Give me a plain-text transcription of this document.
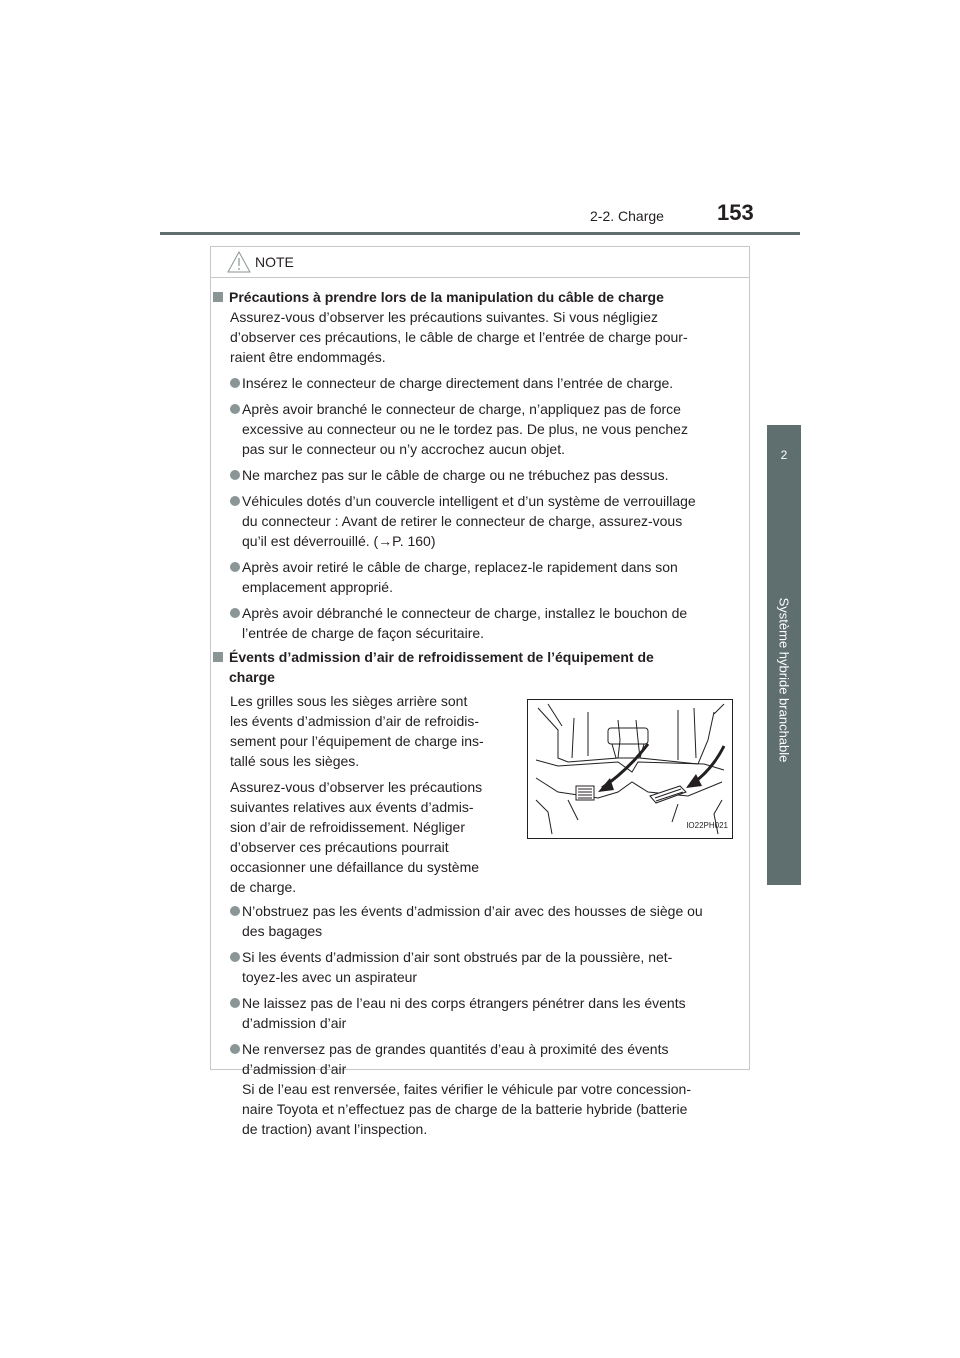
2-2. Charge 153
2
Système hybride branchable
NOTE
Précautions à prendre lors de la manipulation du câble de charge
Assurez-vous d’observer les précautions suivantes. Si vous négligiez
d’observer ces précautions, le câble de charge et l’entrée de charge pour-
raient être endommagés.
Insérez le connecteur de charge directement dans l’entrée de charge.
Après avoir branché le connecteur de charge, n’appliquez pas de force
excessive au connecteur ou ne le tordez pas. De plus, ne vous penchez
pas sur le connecteur ou n’y accrochez aucun objet.
Ne marchez pas sur le câble de charge ou ne trébuchez pas dessus.
Véhicules dotés d’un couvercle intelligent et d’un système de verrouillage
du connecteur : Avant de retirer le connecteur de charge, assurez-vous
qu’il est déverrouillé. (→P. 160)
Après avoir retiré le câble de charge, replacez-le rapidement dans son
emplacement approprié.
Après avoir débranché le connecteur de charge, installez le bouchon de
l’entrée de charge de façon sécuritaire.
Évents d’admission d’air de refroidissement de l’équipement de
charge
Les grilles sous les sièges arrière sont
les évents d’admission d’air de refroidis-
sement pour l’équipement de charge ins-
tallé sous les sièges.
Assurez-vous d’observer les précautions
suivantes relatives aux évents d’admis-
sion d’air de refroidissement. Négliger
d’observer ces précautions pourrait
occasionner une défaillance du système
de charge.
IO22PH021
N’obstruez pas les évents d’admission d’air avec des housses de siège ou
des bagages
Si les évents d’admission d’air sont obstrués par de la poussière, net-
toyez-les avec un aspirateur
Ne laissez pas de l’eau ni des corps étrangers pénétrer dans les évents
d’admission d’air
Ne renversez pas de grandes quantités d’eau à proximité des évents
d’admission d’air
Si de l’eau est renversée, faites vérifier le véhicule par votre concession-
naire Toyota et n’effectuez pas de charge de la batterie hybride (batterie
de traction) avant l’inspection.
